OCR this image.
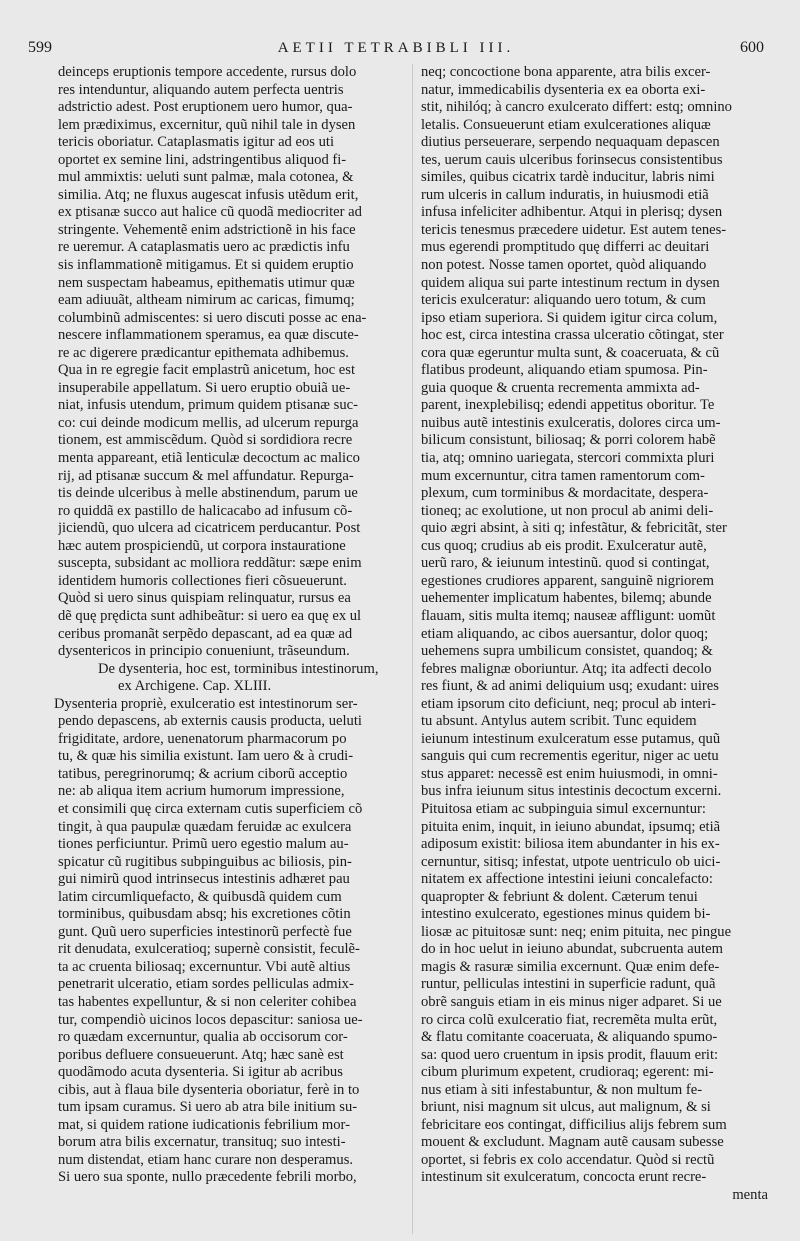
599	AETII TETRABIBLI III.	600
deinceps eruptionis tempore accedente, rursus dolo
res intenduntur, aliquando autem perfecta uentris
adstrictio adest. Post eruptionem uero humor, qua-
lem prædiximus, excernitur, quũ nihil tale in dysen
tericis oboriatur. Cataplasmatis igitur ad eos uti
oportet ex semine lini, adstringentibus aliquod fi-
mul ammixtis: ueluti sunt palmæ, mala cotonea, &
similia. Atq; ne fluxus augescat infusis utẽdum erit,
ex ptisanæ succo aut halice cũ quodã mediocriter ad
stringente. Vehementẽ enim adstrictionẽ in his face
re ueremur. A cataplasmatis uero ac prædictis infu
sis inflammationẽ mitigamus. Et si quidem eruptio
nem suspectam habeamus, epithematis utimur quæ
eam adiuuãt, altheam nimirum ac caricas, fimumq;
columbinũ admiscentes: si uero discuti posse ac ena-
nescere inflammationem speramus, ea quæ discute-
re ac digerere prædicantur epithemata adhibemus.
Qua in re egregie facit emplastrũ anicetum, hoc est
insuperabile appellatum. Si uero eruptio obuiã ue-
niat, infusis utendum, primum quidem ptisanæ suc-
co: cui deinde modicum mellis, ad ulcerum repurga
tionem, est ammiscẽdum. Quòd si sordidiora recre
menta appareant, etiã lenticulæ decoctum ac malico
rij, ad ptisanæ succum & mel affundatur. Repurga-
tis deinde ulceribus à melle abstinendum, parum ue
ro quiddã ex pastillo de halicacabo ad infusum cõ-
jiciendũ, quo ulcera ad cicatricem perducantur. Post
hæc autem prospiciendũ, ut corpora instauratione
suscepta, subsidant ac molliora reddãtur: sæpe enim
identidem humoris collectiones fieri cõsueuerunt.
Quòd si uero sinus quispiam relinquatur, rursus ea
dẽ quę prędicta sunt adhibeãtur: si uero ea quę ex ul
ceribus promanãt serpẽdo depascant, ad ea quæ ad
dysentericos in principio conueniunt, trãseundum.
De dysenteria, hoc est, torminibus intestinorum,
ex Archigene. Cap. XLIII.
Dysenteria propriè, exulceratio est intestinorum ser-
pendo depascens, ab externis causis producta, ueluti
frigiditate, ardore, uenenatorum pharmacorum po
tu, & quæ his similia existunt. Iam uero & à crudi-
tatibus, peregrinorumq; & acrium ciborũ acceptio
ne: ab aliqua item acrium humorum impressione,
et consimili quę circa externam cutis superficiem cõ
tingit, à qua paupulæ quædam feruidæ ac exulcera
tiones perficiuntur. Primũ uero egestio malum au-
spicatur cũ rugitibus subpinguibus ac biliosis, pin-
gui nimirũ quod intrinsecus intestinis adhæret pau
latim circumliquefacto, & quibusdã quidem cum
torminibus, quibusdam absq; his excretiones cõtin
gunt. Quũ uero superficies intestinorũ perfectè fue
rit denudata, exulceratioq; supernè consistit, feculẽ-
ta ac cruenta biliosaq; excernuntur. Vbi autẽ altius
penetrarit ulceratio, etiam sordes pelliculas admix-
tas habentes expelluntur, & si non celeriter cohibea
tur, compendiò uicinos locos depascitur: saniosa ue-
ro quædam excernuntur, qualia ab occisorum cor-
poribus defluere consueuerunt. Atq; hæc sanè est
quodãmodo acuta dysenteria. Si igitur ab acribus
cibis, aut à flaua bile dysenteria oboriatur, ferè in to
tum ipsam curamus. Si uero ab atra bile initium su-
mat, si quidem ratione iudicationis febrilium mor-
borum atra bilis excernatur, transituq; suo intesti-
num distendat, etiam hanc curare non desperamus.
Si uero sua sponte, nullo præcedente febrili morbo,
neq; concoctione bona apparente, atra bilis excer-
natur, immedicabilis dysenteria ex ea oborta exi-
stit, nihilóq; à cancro exulcerato differt: estq; omnino
letalis. Consueuerunt etiam exulcerationes aliquæ
diutius perseuerare, serpendo nequaquam depascen
tes, uerum cauis ulceribus forinsecus consistentibus
similes, quibus cicatrix tardè inducitur, labris nimi
rum ulceris in callum induratis, in huiusmodi etiã
infusa infeliciter adhibentur. Atqui in plerisq; dysen
tericis tenesmus præcedere uidetur. Est autem tenes-
mus egerendi promptitudo quę differri ac deuitari
non potest. Nosse tamen oportet, quòd aliquando
quidem aliqua sui parte intestinum rectum in dysen
tericis exulceratur: aliquando uero totum, & cum
ipso etiam superiora. Si quidem igitur circa colum,
hoc est, circa intestina crassa ulceratio cõtingat, ster
cora quæ egeruntur multa sunt, & coaceruata, & cũ
flatibus prodeunt, aliquando etiam spumosa. Pin-
guia quoque & cruenta recrementa ammixta ad-
parent, inexplebilisq; edendi appetitus oboritur. Te
nuibus autẽ intestinis exulceratis, dolores circa um-
bilicum consistunt, biliosaq; & porri colorem habẽ
tia, atq; omnino uariegata, stercori commixta pluri
mum excernuntur, citra tamen ramentorum com-
plexum, cum torminibus & mordacitate, despera-
tioneq; ac exolutione, ut non procul ab animi deli-
quio ægri absint, à siti q; infestãtur, & febricitãt, ster
cus quoq; crudius ab eis prodit. Exulceratur autẽ,
uerũ raro, & ieiunum intestinũ. quod si contingat,
egestiones crudiores apparent, sanguinẽ nigriorem
uehementer implicatum habentes, bilemq; abunde
flauam, sitis multa itemq; nauseæ affligunt: uomũt
etiam aliquando, ac cibos auersantur, dolor quoq;
uehemens supra umbilicum consistet, quandoq; &
febres malignæ oboriuntur. Atq; ita adfecti decolo
res fiunt, & ad animi deliquium usq; exudant: uires
etiam ipsorum cito deficiunt, neq; procul ab interi-
tu absunt. Antylus autem scribit. Tunc equidem
ieiunum intestinum exulceratum esse putamus, quũ
sanguis qui cum recrementis egeritur, niger ac uetu
stus apparet: necessẽ est enim huiusmodi, in omni-
bus infra ieiunum situs intestinis decoctum excerni.
Pituitosa etiam ac subpinguia simul excernuntur:
pituita enim, inquit, in ieiuno abundat, ipsumq; etiã
adiposum existit: biliosa item abundanter in his ex-
cernuntur, sitisq; infestat, utpote uentriculo ob uici-
nitatem ex affectione intestini ieiuni concalefacto:
quapropter & febriunt & dolent. Cæterum tenui
intestino exulcerato, egestiones minus quidem bi-
liosæ ac pituitosæ sunt: neq; enim pituita, nec pingue
do in hoc uelut in ieiuno abundat, subcruenta autem
magis & rasuræ similia excernunt. Quæ enim defe-
runtur, pelliculas intestini in superficie radunt, quã
obrẽ sanguis etiam in eis minus niger adparet. Si ue
ro circa colũ exulceratio fiat, recremẽta multa erũt,
& flatu comitante coaceruata, & aliquando spumo-
sa: quod uero cruentum in ipsis prodit, flauum erit:
cibum plurimum expetent, crudioraq; egerent: mi-
nus etiam à siti infestabuntur, & non multum fe-
briunt, nisi magnum sit ulcus, aut malignum, & si
febricitare eos contingat, difficilius alijs febrem sum
mouent & excludunt. Magnam autẽ causam subesse
oportet, si febris ex colo accendatur. Quòd si rectũ
intestinum sit exulceratum, concocta erunt recre-
menta
